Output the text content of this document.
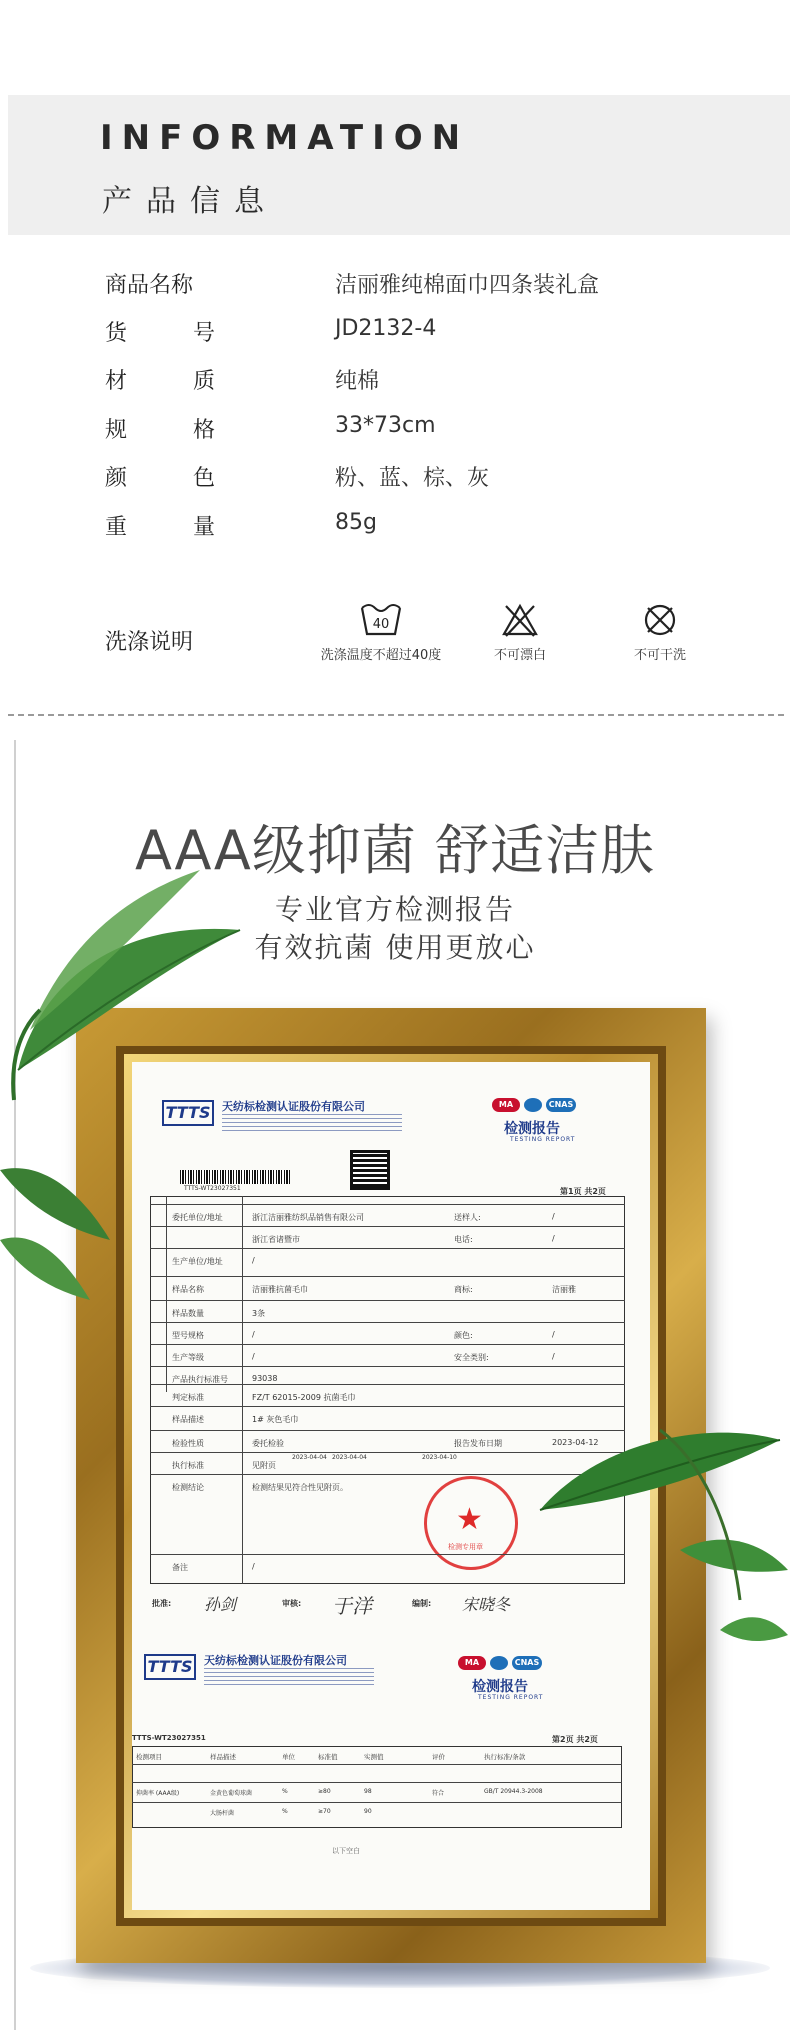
INFORMATION
产品信息
商品名称	洁丽雅纯棉面巾四条装礼盒
货	号	JD2132-4
材	质	纯棉
规	格	33*73cm
颜	色	粉、蓝、棕、灰
重	量	85g
洗涤说明
40
洗涤温度不超过40度	不可漂白	不可干洗
AAA级抑菌 舒适洁肤
专业官方检测报告
有效抗菌 使用更放心
TTTS	天纺标检测认证股份有限公司	MA	CNAS
检测报告
TESTING REPORT
TTTS-WT23027351	第1页 共2页
★
检测专用章
批准: 孙剑	审核: 于洋	编制: 宋晓冬
TTTS	天纺标检测认证股份有限公司	MA	CNAS
检测报告
TESTING REPORT
TTTS-WT23027351	第2页 共2页
以下空白
委托单位/地址	浙江洁丽雅纺织品销售有限公司	送样人:	/
浙江省诸暨市	电话:	/
生产单位/地址	/
样品名称	洁丽雅抗菌毛巾	商标:	洁丽雅
样品数量	3条
型号规格	/	颜色:	/
生产等级	/	安全类别:	/
产品执行标准号	93038
判定标准	FZ/T 62015-2009 抗菌毛巾
样品描述	1# 灰色毛巾
检验性质	委托检验	报告发布日期	2023-04-12
执行标准	见附页
检测结论	检测结果见符合性见附页。
备注	/
2023-04-04 2023-04-04	2023-04-10
检测项目	样品描述	单位	标准值	实测值	评价	执行标准/条款
抑菌率 (AAA级)	金黄色葡萄球菌	%	≥80	98	符合	GB/T 20944.3-2008
大肠杆菌	%	≥70	90
